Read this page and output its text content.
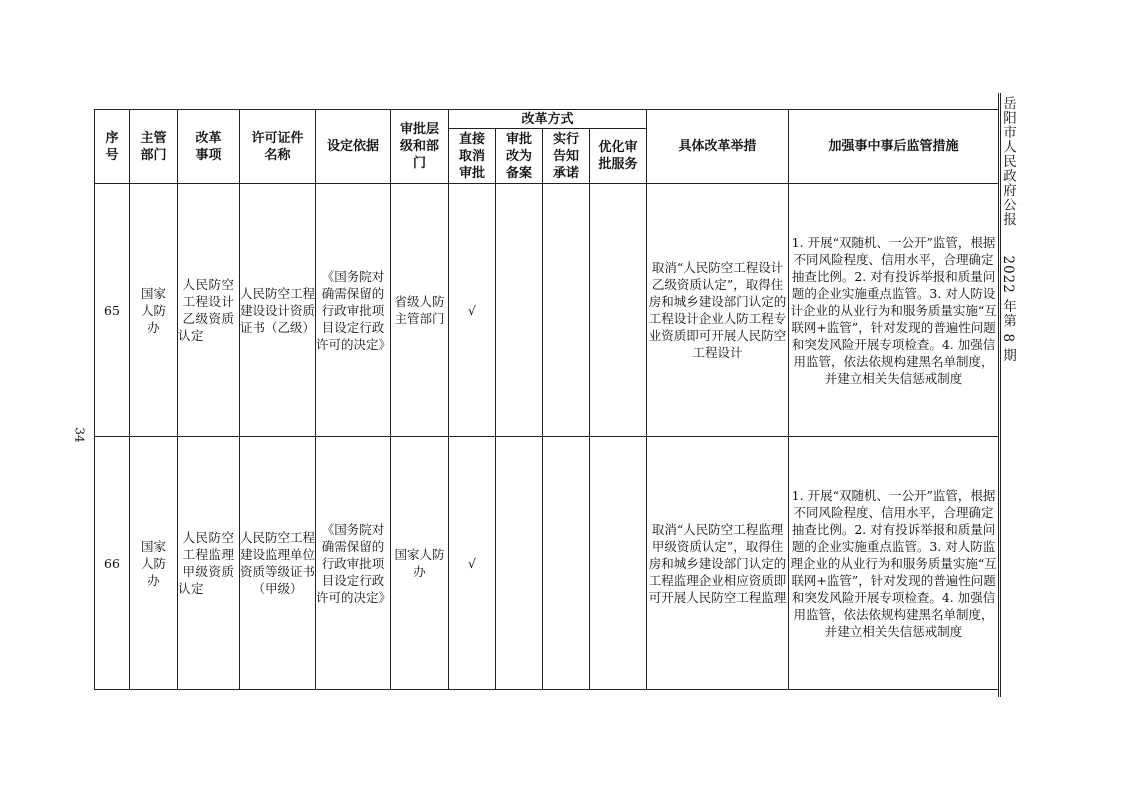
34
岳阳市人民政府公报　　2022 年第 8 期
序号	主管部门	改革事项	许可证件名称	设定依据	审批层级和部门	改革方式				具体改革举措	加强事中事后监管措施

						直接取消审批	审批改为备案	实行告知承诺	优化审批服务		

65	国家人防办	人民防空工程设计乙级资质认定	人民防空工程建设设计资质证书（乙级）	《国务院对确需保留的行政审批项目设定行政许可的决定》	省级人防主管部门	√				取消“人民防空工程设计乙级资质认定”，取得住房和城乡建设部门认定的工程设计企业人防工程专业资质即可开展人民防空工程设计	1. 开展“双随机、一公开”监管，根据不同风险程度、信用水平，合理确定抽查比例。2. 对有投诉举报和质量问题的企业实施重点监管。3. 对人防设计企业的从业行为和服务质量实施“互联网+监管”，针对发现的普遍性问题和突发风险开展专项检查。4. 加强信用监管，依法依规构建黑名单制度，并建立相关失信惩戒制度
66	国家人防办	人民防空工程监理甲级资质认定	人民防空工程建设监理单位资质等级证书（甲级）	《国务院对确需保留的行政审批项目设定行政许可的决定》	国家人防办	√				取消“人民防空工程监理甲级资质认定”，取得住房和城乡建设部门认定的工程监理企业相应资质即可开展人民防空工程监理	1. 开展“双随机、一公开”监管，根据不同风险程度、信用水平，合理确定抽查比例。2. 对有投诉举报和质量问题的企业实施重点监管。3. 对人防监理企业的从业行为和服务质量实施“互联网+监管”，针对发现的普遍性问题和突发风险开展专项检查。4. 加强信用监管，依法依规构建黑名单制度，并建立相关失信惩戒制度
